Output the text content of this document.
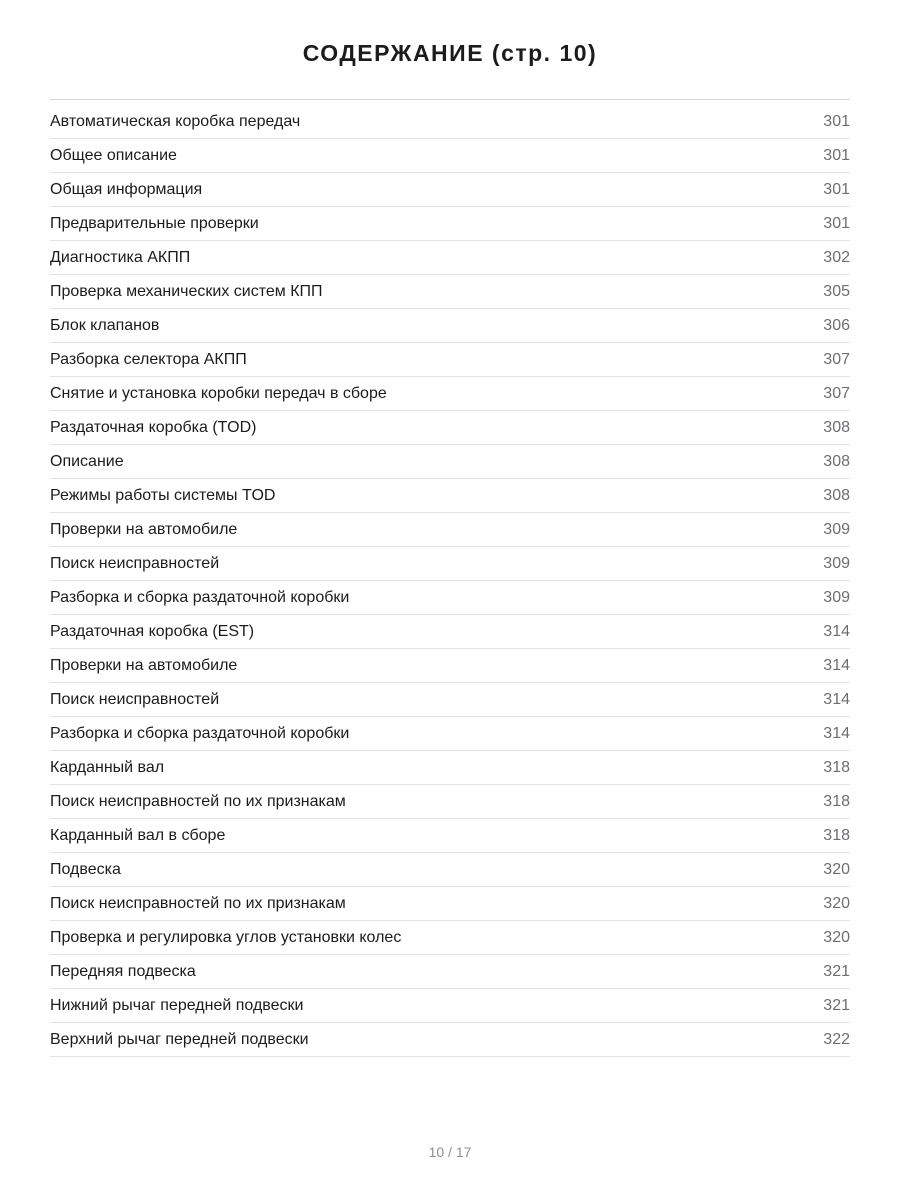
СОДЕРЖАНИЕ (стр. 10)
Автоматическая коробка передач	301
Общее описание	301
Общая информация	301
Предварительные проверки	301
Диагностика АКПП	302
Проверка механических систем КПП	305
Блок клапанов	306
Разборка селектора АКПП	307
Снятие и установка коробки передач в сборе	307
Раздаточная коробка (TOD)	308
Описание	308
Режимы работы системы TOD	308
Проверки на автомобиле	309
Поиск неисправностей	309
Разборка и сборка раздаточной коробки	309
Раздаточная коробка (EST)	314
Проверки на автомобиле	314
Поиск неисправностей	314
Разборка и сборка раздаточной коробки	314
Карданный вал	318
Поиск неисправностей по их признакам	318
Карданный вал в сборе	318
Подвеска	320
Поиск неисправностей по их признакам	320
Проверка и регулировка углов установки колес	320
Передняя подвеска	321
Нижний рычаг передней подвески	321
Верхний рычаг передней подвески	322
10 / 17
